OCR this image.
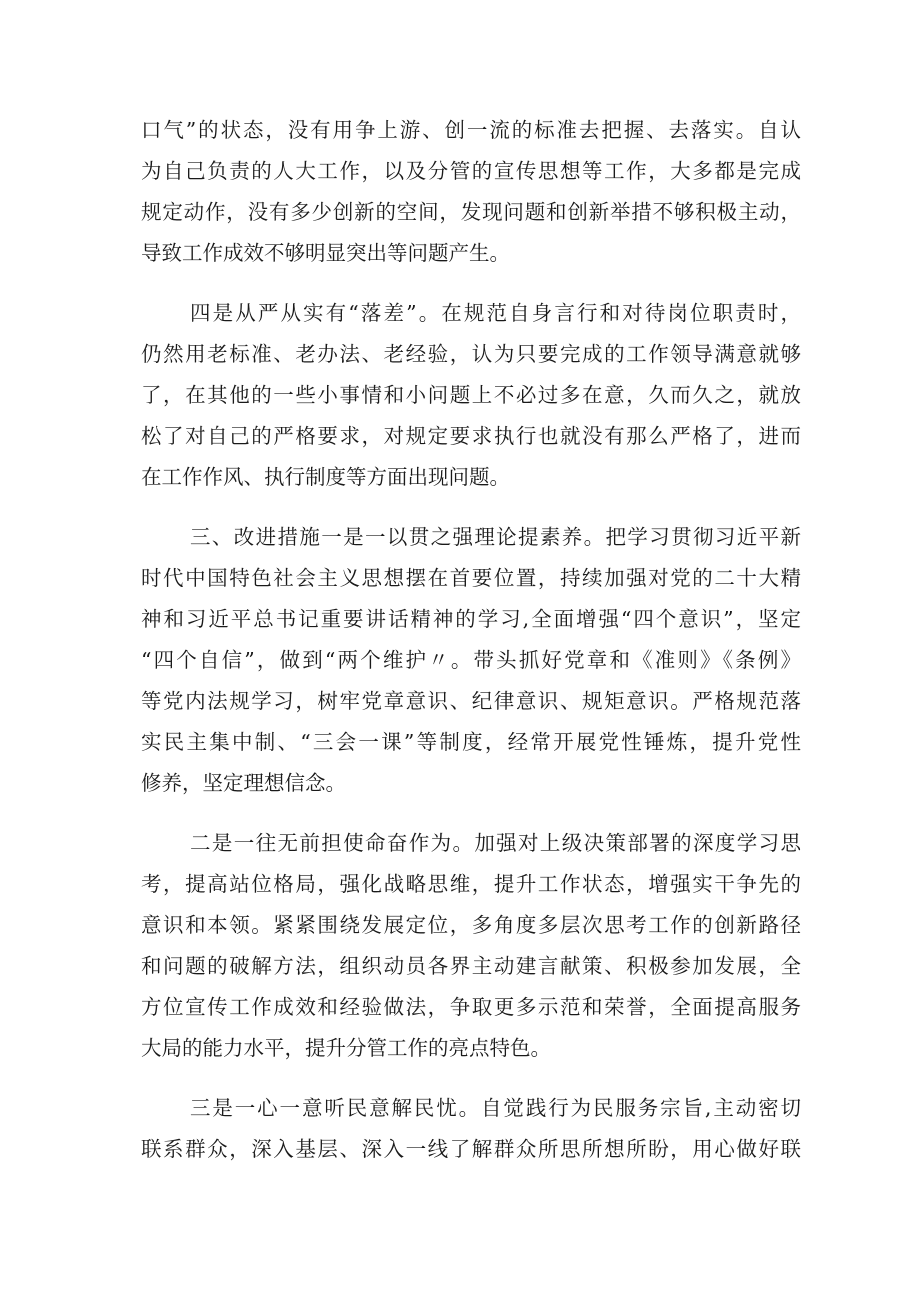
口气”的状态，没有用争上游、创一流的标准去把握、去落实。自认
为自己负责的人大工作，以及分管的宣传思想等工作，大多都是完成
规定动作，没有多少创新的空间，发现问题和创新举措不够积极主动，
导致工作成效不够明显突出等问题产生。
四是从严从实有“落差”。在规范自身言行和对待岗位职责时，
仍然用老标准、老办法、老经验，认为只要完成的工作领导满意就够
了，在其他的一些小事情和小问题上不必过多在意，久而久之，就放
松了对自己的严格要求，对规定要求执行也就没有那么严格了，进而
在工作作风、执行制度等方面出现问题。
三、改进措施一是一以贯之强理论提素养。把学习贯彻习近平新
时代中国特色社会主义思想摆在首要位置，持续加强对党的二十大精
神和习近平总书记重要讲话精神的学习,全面增强“四个意识”，坚定
“四个自信”，做到“两个维护〃。带头抓好党章和《准则》《条例》
等党内法规学习，树牢党章意识、纪律意识、规矩意识。严格规范落
实民主集中制、“三会一课”等制度，经常开展党性锤炼，提升党性
修养，坚定理想信念。
二是一往无前担使命奋作为。加强对上级决策部署的深度学习思
考，提高站位格局，强化战略思维，提升工作状态，增强实干争先的
意识和本领。紧紧围绕发展定位，多角度多层次思考工作的创新路径
和问题的破解方法，组织动员各界主动建言献策、积极参加发展，全
方位宣传工作成效和经验做法，争取更多示范和荣誉，全面提高服务
大局的能力水平，提升分管工作的亮点特色。
三是一心一意听民意解民忧。自觉践行为民服务宗旨,主动密切
联系群众，深入基层、深入一线了解群众所思所想所盼，用心做好联
